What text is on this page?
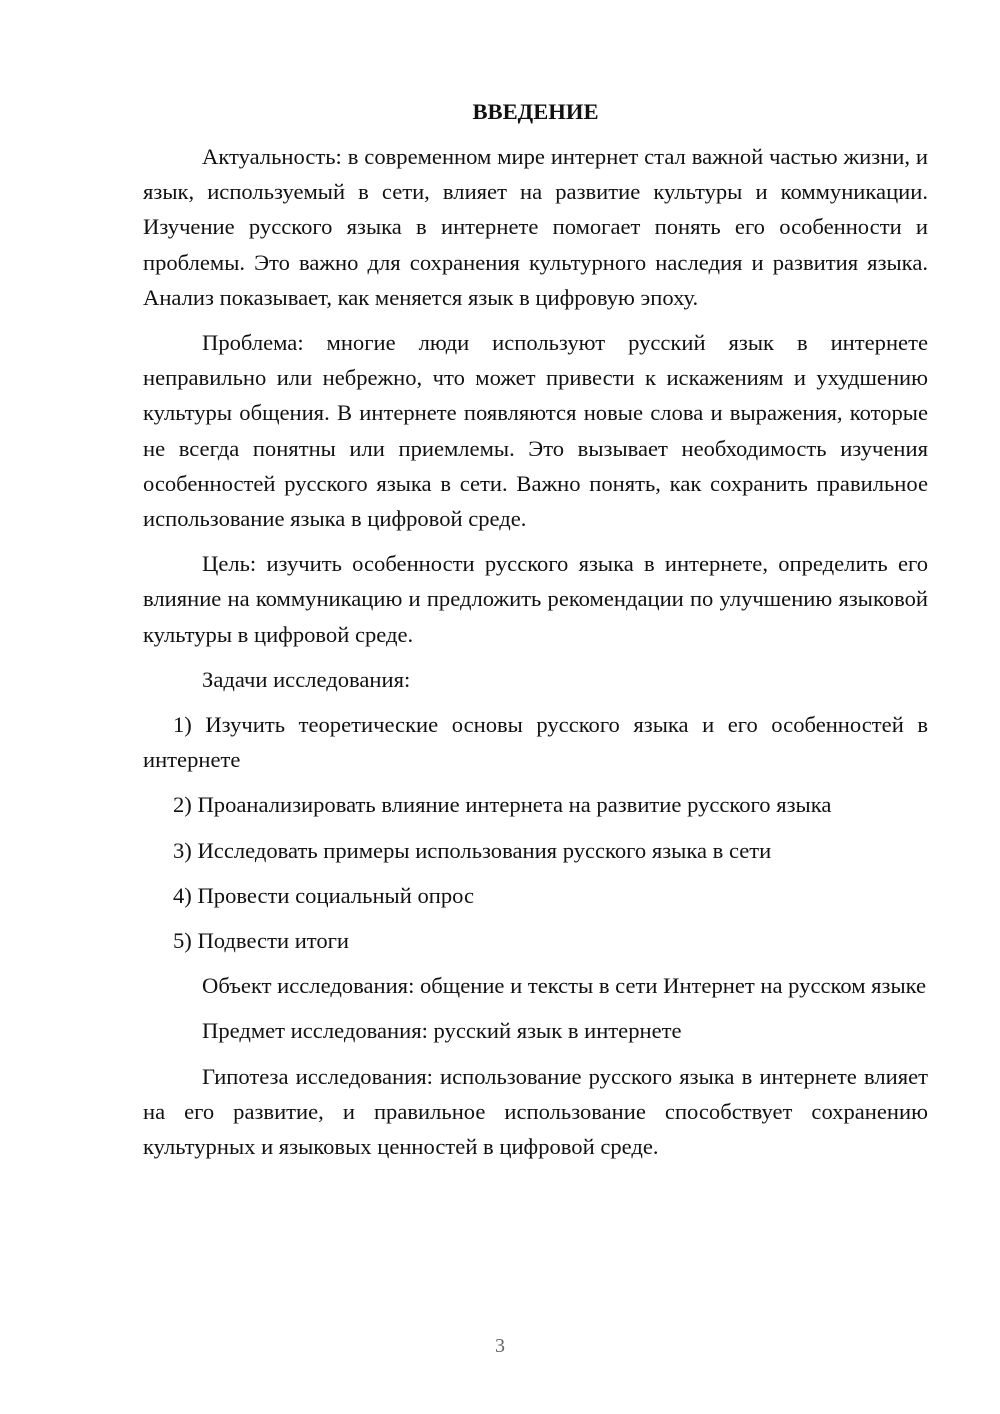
ВВЕДЕНИЕ

Актуальность: в современном мире интернет стал важной частью жизни, и язык, используемый в сети, влияет на развитие культуры и коммуникации. Изучение русского языка в интернете помогает понять его особенности и проблемы. Это важно для сохранения культурного наследия и развития языка. Анализ показывает, как меняется язык в цифровую эпоху.

Проблема: многие люди используют русский язык в интернете неправильно или небрежно, что может привести к искажениям и ухудшению культуры общения. В интернете появляются новые слова и выражения, которые не всегда понятны или приемлемы. Это вызывает необходимость изучения особенностей русского языка в сети. Важно понять, как сохранить правильное использование языка в цифровой среде.

Цель: изучить особенности русского языка в интернете, определить его влияние на коммуникацию и предложить рекомендации по улучшению языковой культуры в цифровой среде.

Задачи исследования:

1) Изучить теоретические основы русского языка и его особенностей в интернете

2) Проанализировать влияние интернета на развитие русского языка

3) Исследовать примеры использования русского языка в сети

4) Провести социальный опрос

5) Подвести итоги

Объект исследования: общение и тексты в сети Интернет на русском языке

Предмет исследования: русский язык в интернете

Гипотеза исследования: использование русского языка в интернете влияет на его развитие, и правильное использование способствует сохранению культурных и языковых ценностей в цифровой среде.

3
